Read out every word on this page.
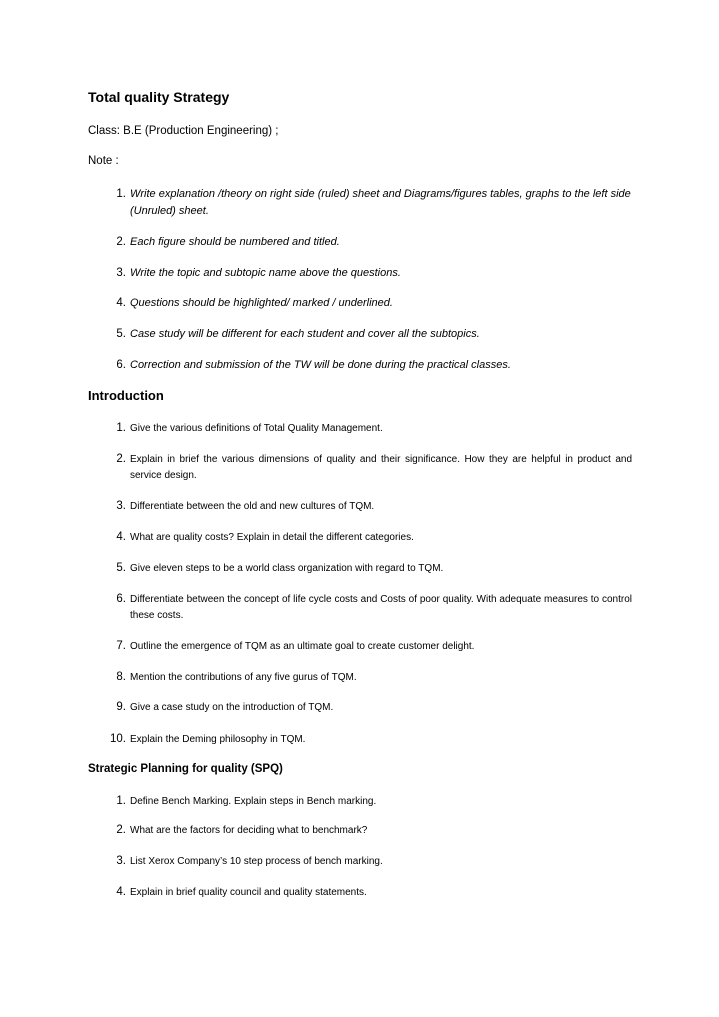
Total quality Strategy

Class: B.E (Production Engineering) ;

Note :

1. Write explanation /theory on right side (ruled) sheet and Diagrams/figures tables, graphs to the left side (Unruled) sheet.
2. Each figure should be numbered and titled.
3. Write the topic and subtopic name above the questions.
4. Questions should be highlighted/ marked / underlined.
5. Case study will be different for each student and cover all the subtopics.
6. Correction and submission of the TW will be done during the practical classes.
Introduction
1. Give the various definitions of Total Quality Management.
2. Explain in brief the various dimensions of quality and their significance. How they are helpful in product and service design.
3. Differentiate between the old and new cultures of TQM.
4. What are quality costs? Explain in detail the different categories.
5. Give eleven steps to be a world class organization with regard to TQM.
6. Differentiate between the concept of life cycle costs and Costs of poor quality. With adequate measures to control these costs.
7. Outline the emergence of TQM as an ultimate goal to create customer delight.
8. Mention the contributions of any five gurus of TQM.
9. Give a case study on the introduction of TQM.
10. Explain the Deming philosophy in TQM.
Strategic Planning for quality (SPQ)
1. Define Bench Marking. Explain steps in Bench marking.
2. What are the factors for deciding what to benchmark?
3. List Xerox Company’s 10 step process of bench marking.
4. Explain in brief quality council and quality statements.
